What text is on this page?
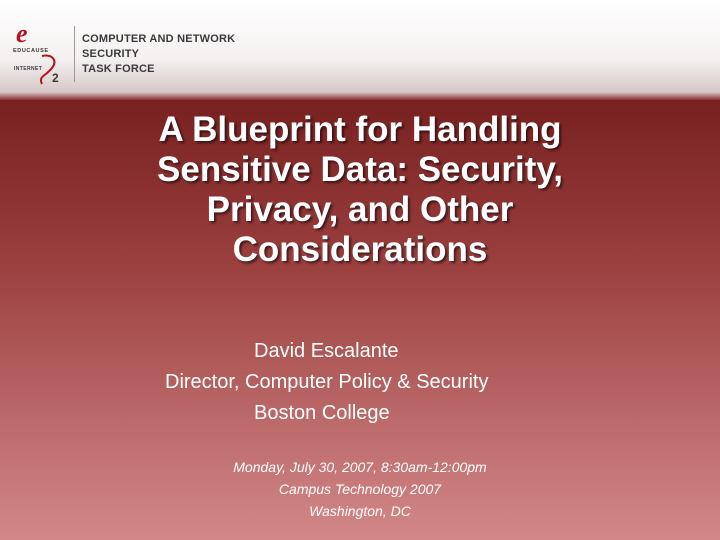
e
EDUCAUSE
INTERNET
2
COMPUTER AND NETWORK
SECURITY
TASK FORCE
A Blueprint for Handling
Sensitive Data: Security,
Privacy, and Other
Considerations
David Escalante
Director, Computer Policy & Security
Boston College
Monday, July 30, 2007, 8:30am-12:00pm
Campus Technology 2007
Washington, DC
